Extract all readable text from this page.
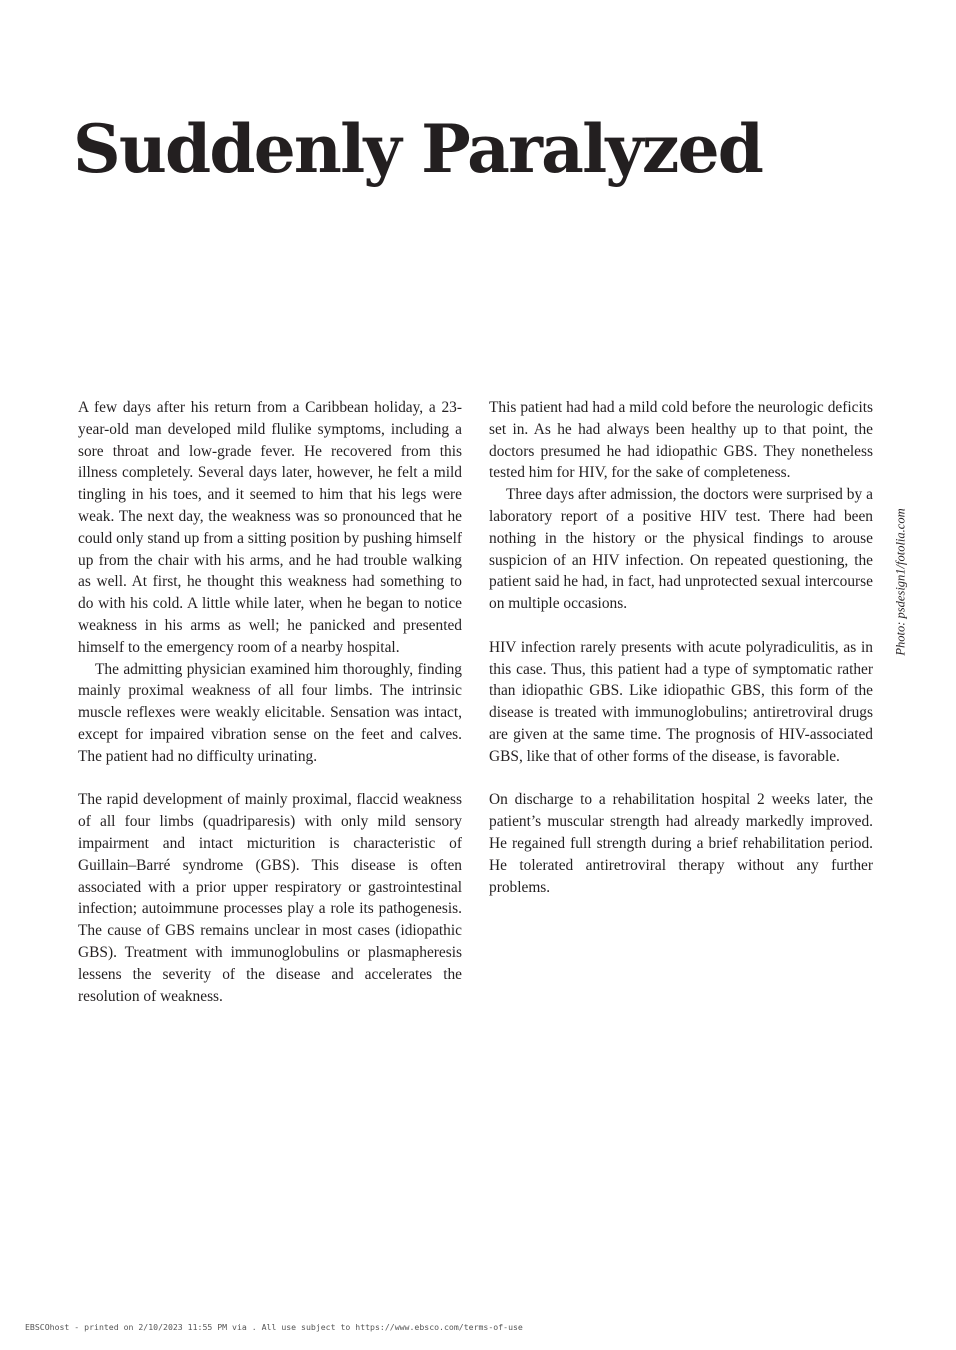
Suddenly Paralyzed

A few days after his return from a Caribbean holiday, a 23-year-old man developed mild flulike symptoms, including a sore throat and low-grade fever. He recovered from this illness completely. Several days later, however, he felt a mild tingling in his toes, and it seemed to him that his legs were weak. The next day, the weakness was so pronounced that he could only stand up from a sitting position by pushing himself up from the chair with his arms, and he had trouble walking as well. At first, he thought this weakness had something to do with his cold. A little while later, when he began to notice weakness in his arms as well; he panicked and presented himself to the emergency room of a nearby hospital.

The admitting physician examined him thoroughly, finding mainly proximal weakness of all four limbs. The intrinsic muscle reflexes were weakly elicitable. Sensation was intact, except for impaired vibration sense on the feet and calves. The patient had no difficulty urinating.

The rapid development of mainly proximal, flaccid weakness of all four limbs (quadriparesis) with only mild sensory impairment and intact micturition is characteristic of Guillain–Barré syndrome (GBS). This disease is often associated with a prior upper respiratory or gastrointestinal infection; autoimmune processes play a role its pathogenesis. The cause of GBS remains unclear in most cases (idiopathic GBS). Treatment with immunoglobulins or plasmapheresis lessens the severity of the disease and accelerates the resolution of weakness.

This patient had had a mild cold before the neurologic deficits set in. As he had always been healthy up to that point, the doctors presumed he had idiopathic GBS. They nonetheless tested him for HIV, for the sake of completeness.

Three days after admission, the doctors were surprised by a laboratory report of a positive HIV test. There had been nothing in the history or the physical findings to arouse suspicion of an HIV infection. On repeated questioning, the patient said he had, in fact, had unprotected sexual intercourse on multiple occasions.

HIV infection rarely presents with acute polyradiculitis, as in this case. Thus, this patient had a type of symptomatic rather than idiopathic GBS. Like idiopathic GBS, this form of the disease is treated with immunoglobulins; antiretroviral drugs are given at the same time. The prognosis of HIV-associated GBS, like that of other forms of the disease, is favorable.

On discharge to a rehabilitation hospital 2 weeks later, the patient’s muscular strength had already markedly improved. He regained full strength during a brief rehabilitation period. He tolerated antiretroviral therapy without any further problems.

Photo: psdesign1/fotolia.com
EBSCOhost - printed on 2/10/2023 11:55 PM via . All use subject to https://www.ebsco.com/terms-of-use
